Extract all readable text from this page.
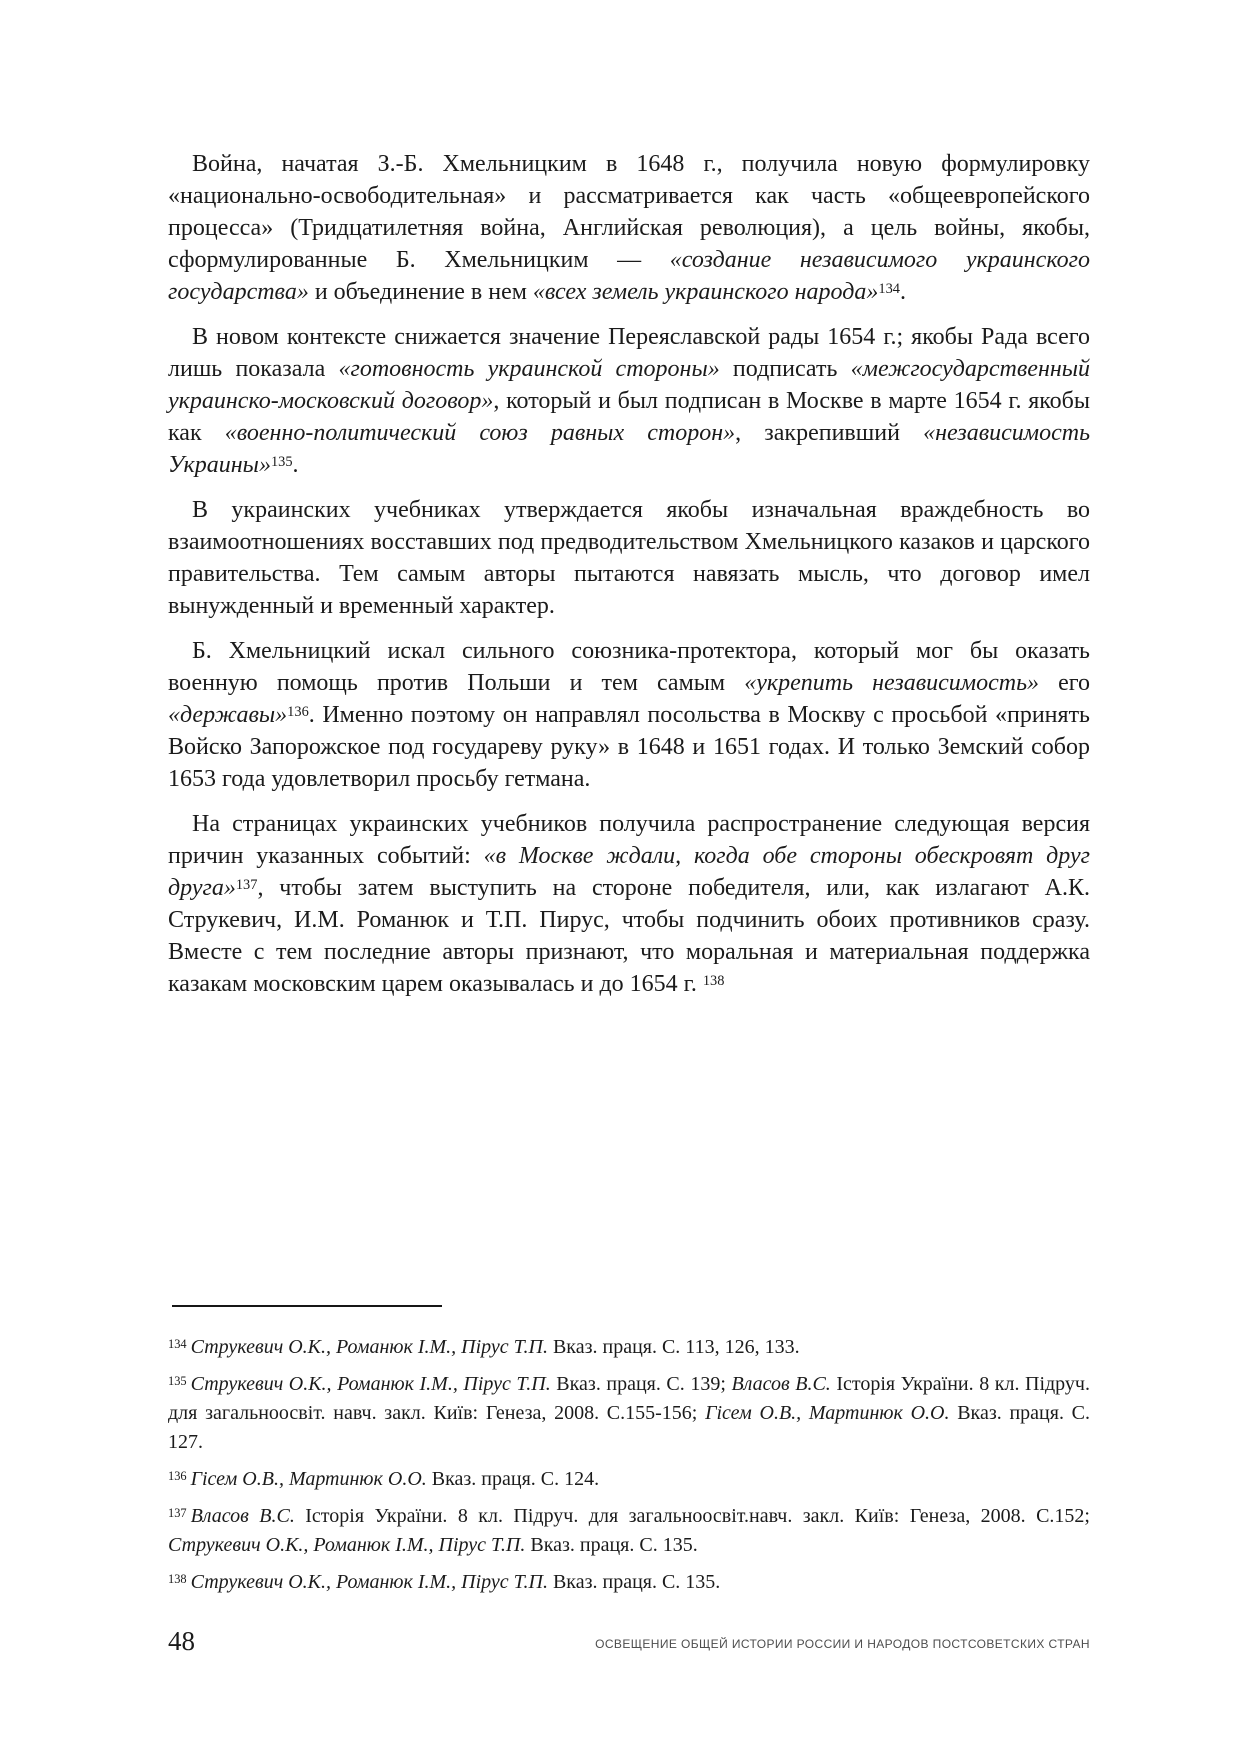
Война, начатая З.-Б. Хмельницким в 1648 г., получила новую формулировку «национально-освободительная» и рассматривается как часть «общеевропейского процесса» (Тридцатилетняя война, Английская революция), а цель войны, якобы, сформулированные Б. Хмельницким — «создание независимого украинского государства» и объединение в нем «всех земель украинского народа»$^{134}$.

В новом контексте снижается значение Переяславской рады 1654 г.; якобы Рада всего лишь показала «готовность украинской стороны» подписать «межгосударственный украинско-московский договор», который и был подписан в Москве в марте 1654 г. якобы как «военно-политический союз равных сторон», закрепивший «независимость Украины»$^{135}$.

В украинских учебниках утверждается якобы изначальная враждебность во взаимоотношениях восставших под предводительством Хмельницкого казаков и царского правительства. Тем самым авторы пытаются навязать мысль, что договор имел вынужденный и временный характер.

Б. Хмельницкий искал сильного союзника-протектора, который мог бы оказать военную помощь против Польши и тем самым «укрепить независимость» его «державы»$^{136}$. Именно поэтому он направлял посольства в Москву с просьбой «принять Войско Запорожское под государеву руку» в 1648 и 1651 годах. И только Земский собор 1653 года удовлетворил просьбу гетмана.

На страницах украинских учебников получила распространение следующая версия причин указанных событий: «в Москве ждали, когда обе стороны обескровят друг друга»$^{137}$, чтобы затем выступить на стороне победителя, или, как излагают А.К. Струкевич, И.М. Романюк и Т.П. Пирус, чтобы подчинить обоих противников сразу. Вместе с тем последние авторы признают, что моральная и материальная поддержка казакам московским царем оказывалась и до 1654 г. $^{138}$

$^{134}$ Струкевич О.К., Романюк І.М., Пірус Т.П. Вказ. праця. С. 113, 126, 133.

$^{135}$ Струкевич О.К., Романюк І.М., Пірус Т.П. Вказ. праця. С. 139; Власов В.С. Історія України. 8 кл. Підруч. для загальноосвіт. навч. закл. Київ: Генеза, 2008. С.155-156; Гісем О.В., Мартинюк О.О. Вказ. праця. С. 127.

$^{136}$ Гісем О.В., Мартинюк О.О. Вказ. праця. С. 124.

$^{137}$ Власов В.С. Історія України. 8 кл. Підруч. для загальноосвіт.навч. закл. Київ: Генеза, 2008. С.152; Струкевич О.К., Романюк І.М., Пірус Т.П. Вказ. праця. С. 135.

$^{138}$ Струкевич О.К., Романюк І.М., Пірус Т.П. Вказ. праця. С. 135.

48	ОСВЕЩЕНИЕ ОБЩЕЙ ИСТОРИИ РОССИИ И НАРОДОВ ПОСТСОВЕТСКИХ СТРАН
